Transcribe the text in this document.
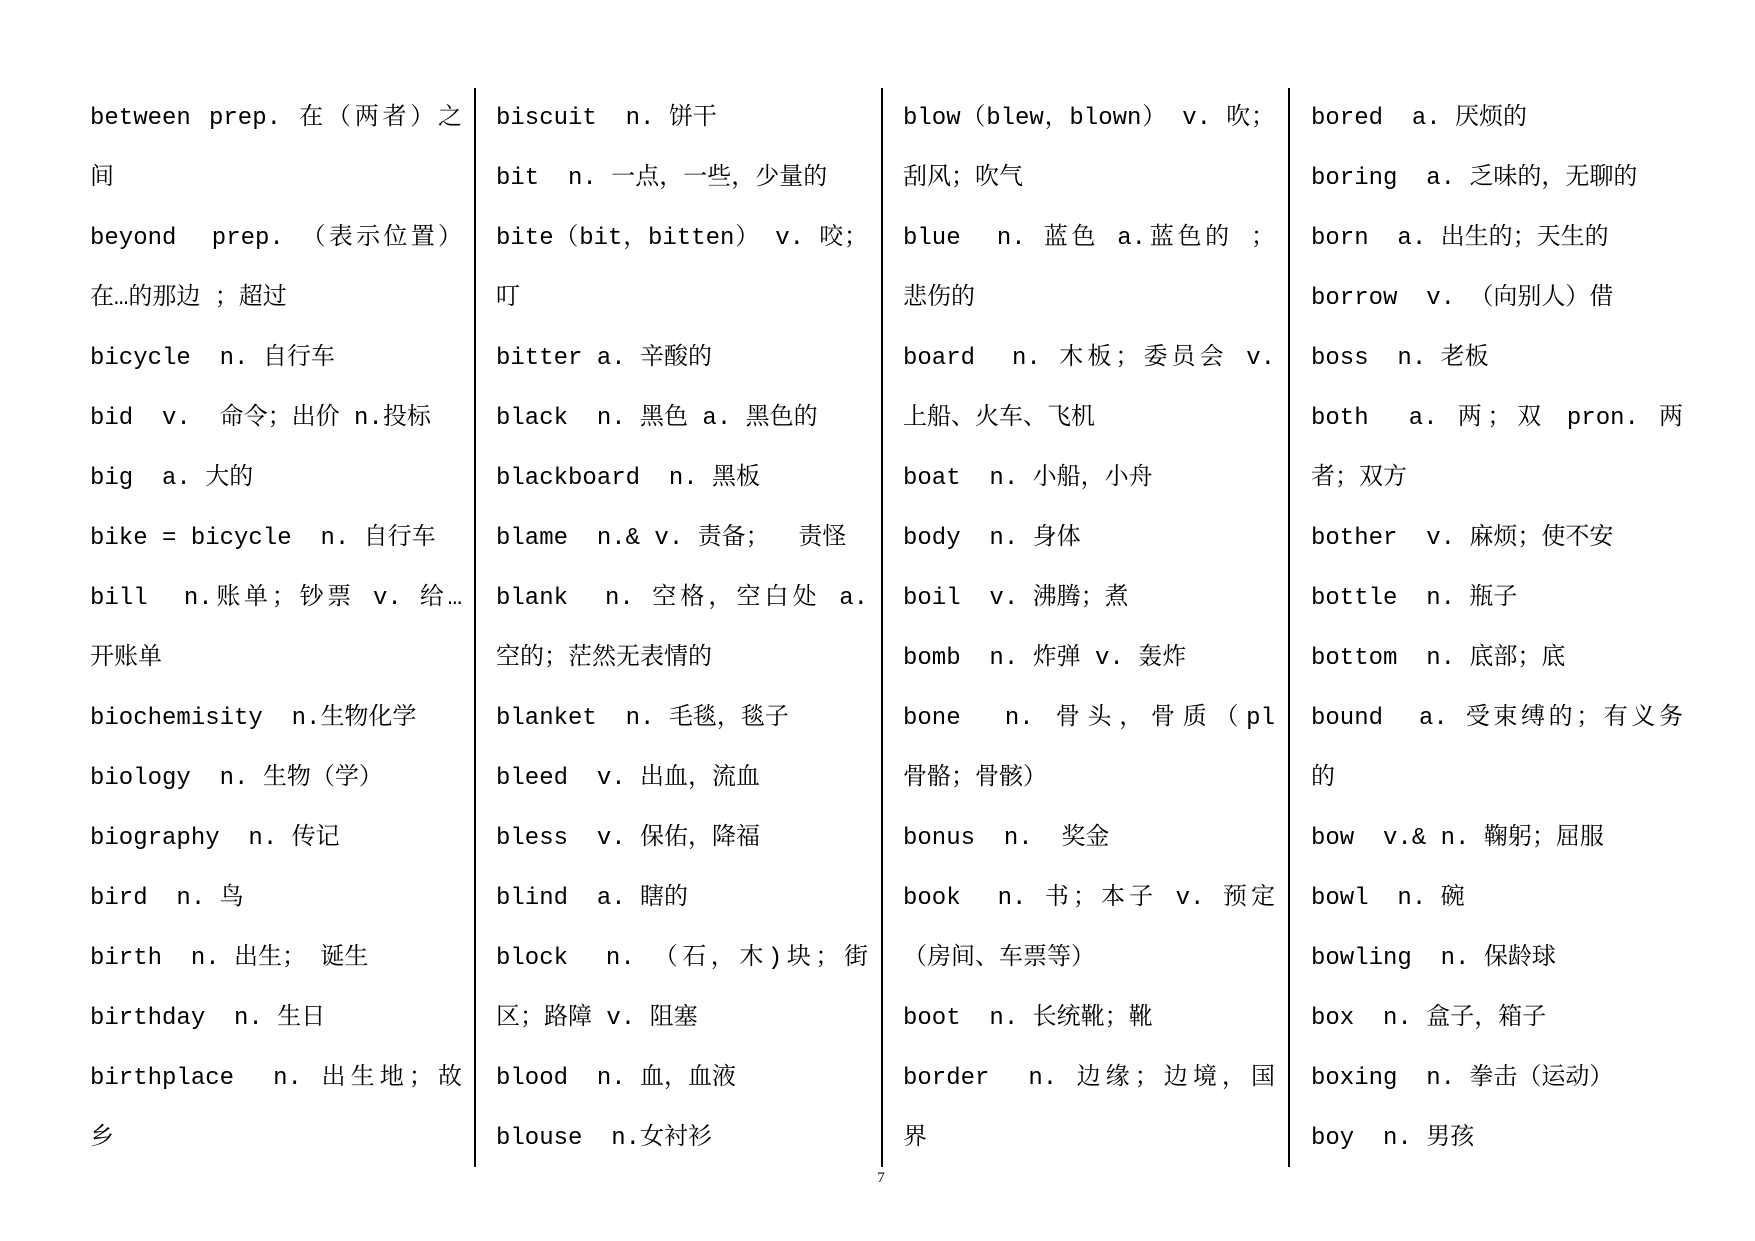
between prep. 在（两者）之
间
beyond  prep. （表示位置）
在…的那边 ；超过
bicycle  n. 自行车
bid  v.  命令；出价 n.投标
big  a. 大的
bike = bicycle  n. 自行车
bill  n.账单；钞票 v. 给…
开账单
biochemisity  n.生物化学
biology  n. 生物（学）
biography  n. 传记
bird  n. 鸟
birth  n. 出生； 诞生
birthday  n. 生日
birthplace  n. 出生地；故
乡
biscuit  n. 饼干
bit  n. 一点，一些，少量的
bite（bit，bitten） v. 咬；
叮
bitter a. 辛酸的
black  n. 黑色 a. 黑色的
blackboard  n. 黑板
blame  n.& v. 责备；  责怪
blank  n. 空格，空白处 a.
空的；茫然无表情的
blanket  n. 毛毯，毯子
bleed  v. 出血，流血
bless  v. 保佑，降福
blind  a. 瞎的
block  n. （石，木)块；街
区；路障 v. 阻塞
blood  n. 血，血液
blouse  n.女衬衫
blow（blew，blown） v. 吹；
刮风；吹气
blue  n. 蓝色 a.蓝色的 ；
悲伤的
board  n. 木板；委员会 v.
上船、火车、飞机
boat  n. 小船，小舟
body  n. 身体
boil  v. 沸腾；煮
bomb  n. 炸弹 v. 轰炸
bone  n. 骨头，骨质（pl
骨骼；骨骸）
bonus  n.  奖金
book  n. 书；本子 v. 预定
（房间、车票等）
boot  n. 长统靴；靴
border  n. 边缘；边境，国
界
bored  a. 厌烦的
boring  a. 乏味的，无聊的
born  a. 出生的；天生的
borrow  v. （向别人）借
boss  n. 老板
both  a. 两；双 pron. 两
者；双方
bother  v. 麻烦；使不安
bottle  n. 瓶子
bottom  n. 底部；底
bound  a. 受束缚的；有义务
的
bow  v.& n. 鞠躬；屈服
bowl  n. 碗
bowling  n. 保龄球
box  n. 盒子，箱子
boxing  n. 拳击（运动）
boy  n. 男孩
7
